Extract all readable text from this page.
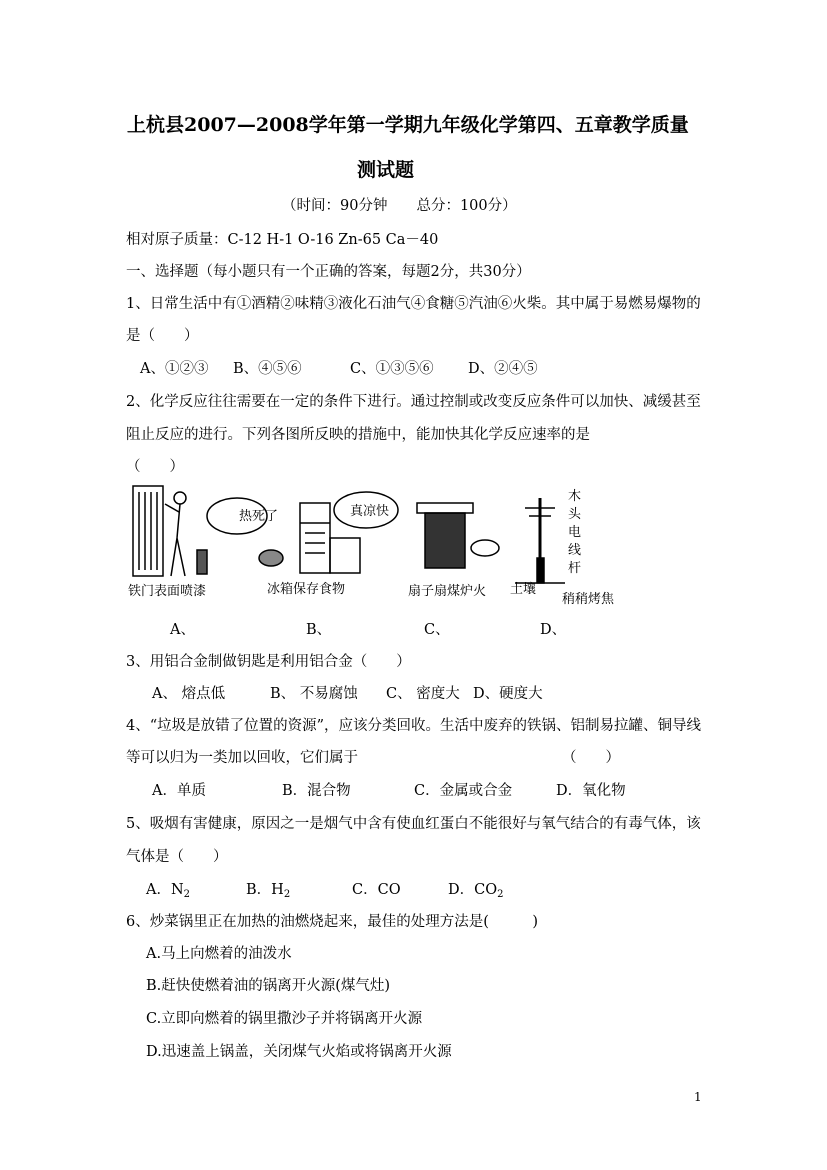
上杭县2007—2008学年第一学期九年级化学第四、五章教学质量
测试题
（时间：90分钟　　总分：100分）
相对原子质量：C-12 H-1 O-16 Zn-65 Ca－40
一、选择题（每小题只有一个正确的答案，每题2分，共30分）
1、日常生活中有①酒精②味精③液化石油气④食糖⑤汽油⑥火柴。其中属于易燃易爆物的
是（　　）
A、①②③ B、④⑤⑥	C、①③⑤⑥ D、②④⑤
2、化学反应往往需要在一定的条件下进行。通过控制或改变反应条件可以加快、减缓甚至
阻止反应的进行。下列各图所反映的措施中，能加快其化学反应速率的是
（　　）
热死了	真凉快
木头电线杆
铁门表面喷漆	冰箱保存食物	扇子扇煤炉火 土壤
稍稍烤焦
A、	B、	C、	D、
3、用铝合金制做钥匙是利用铝合金（　　）
A、 熔点低	B、 不易腐蚀 C、 密度大 D、硬度大
4、“垃圾是放错了位置的资源”，应该分类回收。生活中废弃的铁锅、铝制易拉罐、铜导线
等可以归为一类加以回收，它们属于	（　　）
A．单质	B．混合物	C．金属或合金	D．氧化物
5、吸烟有害健康，原因之一是烟气中含有使血红蛋白不能很好与氧气结合的有毒气体，该
气体是（　　）
A．$N_2$	B．$H_2$	C．CO	D．$CO_2$
6、炒菜锅里正在加热的油燃烧起来，最佳的处理方法是(　　　)
A.马上向燃着的油泼水
B.赶快使燃着油的锅离开火源(煤气灶)
C.立即向燃着的锅里撒沙子并将锅离开火源
D.迅速盖上锅盖，关闭煤气火焰或将锅离开火源
1
